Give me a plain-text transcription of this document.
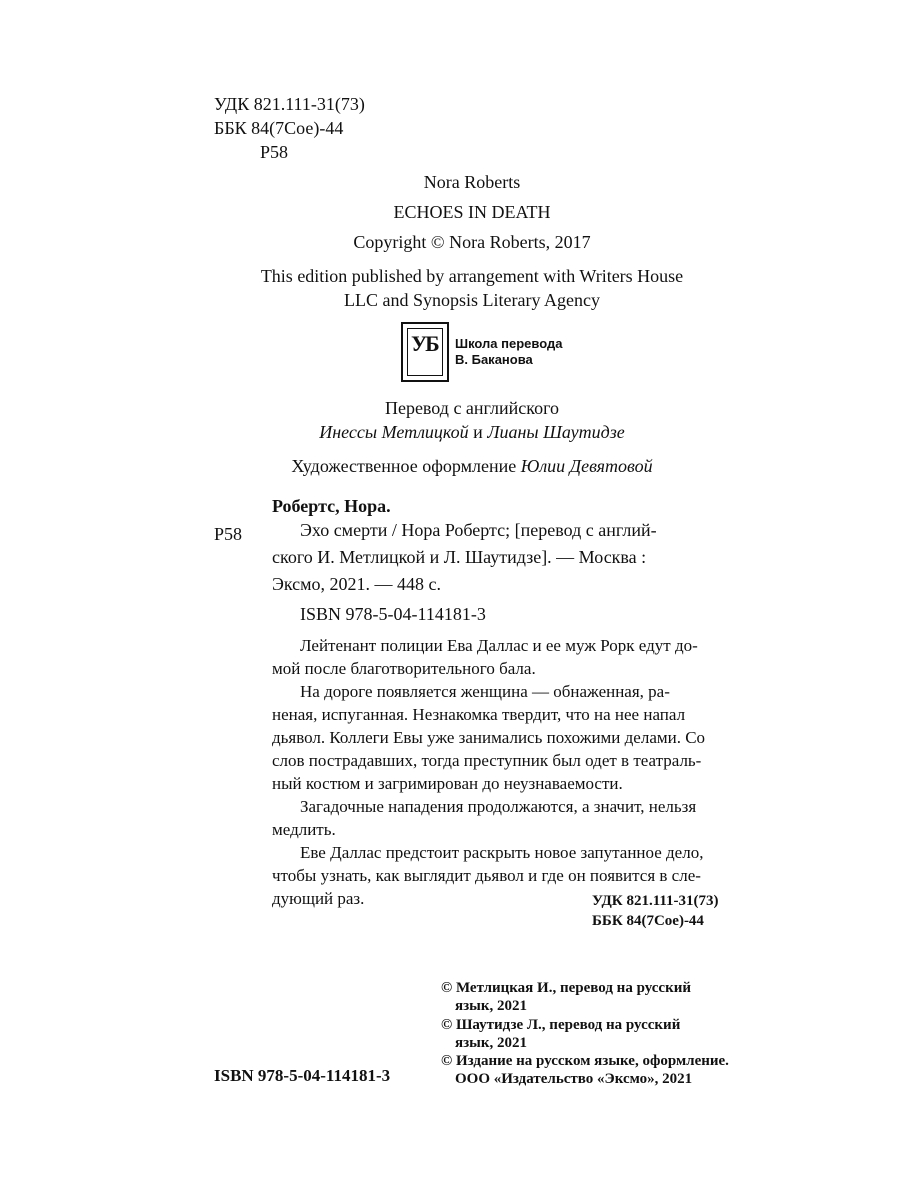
УДК 821.111-31(73)
ББК 84(7Сое)-44
Р58
Nora Roberts
ECHOES IN DEATH
Copyright © Nora Roberts, 2017
This edition published by arrangement with Writers House
LLC and Synopsis Literary Agency
УБ Школа перевода
В. Баканова
Перевод с английского
Инессы Метлицкой и Лианы Шаутидзе
Художественное оформление Юлии Девятовой
Робертс, Нора.
Р58	Эхо смерти / Нора Робертс; [перевод с англий-
ского И. Метлицкой и Л. Шаутидзе]. — Москва :
Эксмо, 2021. — 448 с.
ISBN 978-5-04-114181-3
Лейтенант полиции Ева Даллас и ее муж Рорк едут до-
мой после благотворительного бала.
На дороге появляется женщина — обнаженная, ра-
неная, испуганная. Незнакомка твердит, что на нее напал
дьявол. Коллеги Евы уже занимались похожими делами. Со
слов пострадавших, тогда преступник был одет в театраль-
ный костюм и загримирован до неузнаваемости.
Загадочные нападения продолжаются, а значит, нельзя
медлить.
Еве Даллас предстоит раскрыть новое запутанное дело,
чтобы узнать, как выглядит дьявол и где он появится в сле-
дующий раз.	УДК 821.111-31(73)
ББК 84(7Сое)-44
© Метлицкая И., перевод на русский
язык, 2021
© Шаутидзе Л., перевод на русский
язык, 2021
© Издание на русском языке, оформление.
ООО «Издательство «Эксмо», 2021
ISBN 978-5-04-114181-3
